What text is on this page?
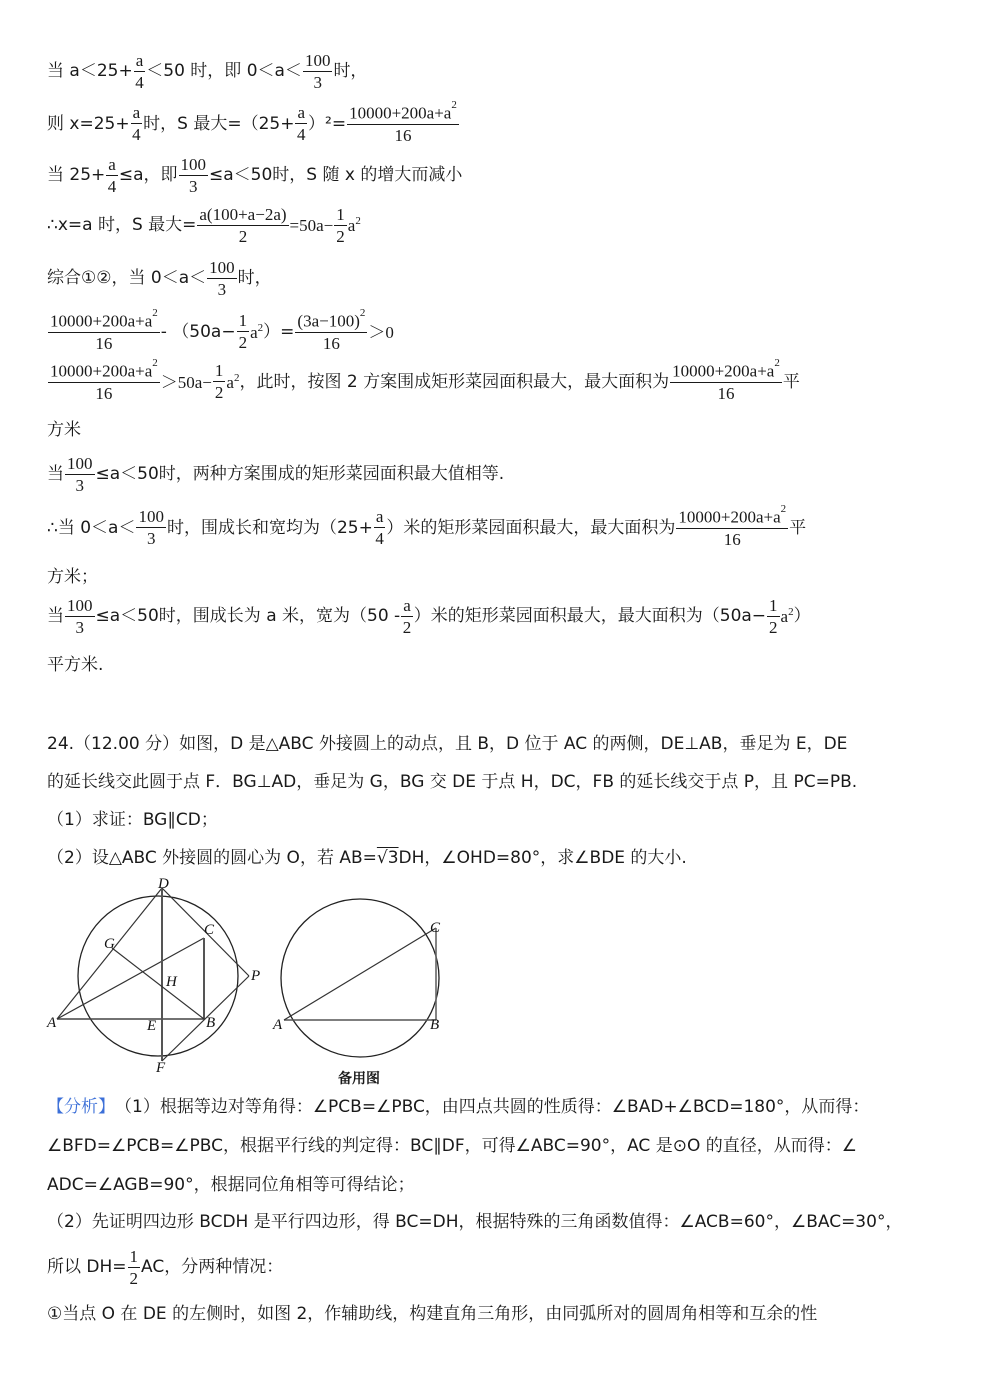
当 $a<25+ \frac{a}{4} <50$ 时，即 $0<a< \frac{100}{3}$ 时，
则 $x=25+ \frac{a}{4}$ 时，S 最大$=(25+ \frac{a}{4} )^2= \frac{10000+200a+a^2}{16}$
当 $25+ \frac{a}{4} \le a$，即 $\frac{100}{3} \le a<50$时，S 随 x 的增大而减小
∴x=a 时，S 最大= $\frac{a(100+a-2a)}{2} =50a- \frac{1}{2}$ a 2
综合①②，当 $0<a< \frac{100}{3}$ 时，
$\frac{10000+200a+a^2}{16} - (50a- \frac{1}{2}$ a 2 ）= $\frac{(3a-100)^2}{16} >0$
$\frac{10000+200a+a^2}{16} >50a- \frac{1}{2}$ a 2 ，此时，按图 2 方案围成矩形菜园面积最大，最大面积为 $\frac{10000+200a+a^2}{16}$ 平
方米
当 $\frac{100}{3} \le a<50$时，两种方案围成的矩形菜园面积最大值相等.
∴当 $0<a< \frac{100}{3}$ 时，围成长和宽均为（$25+ \frac{a}{4}$ ）米的矩形菜园面积最大，最大面积为 $\frac{10000+200a+a^2}{16}$ 平
方米；
当 $\frac{100}{3} \le a<50$时，围成长为 a 米，宽为（$50 - \frac{a}{2}$ ）米的矩形菜园面积最大，最大面积为（$50a- \frac{1}{2}$ a 2 ）
平方米.
24.（12.00 分）如图，D 是△ABC 外接圆上的动点，且 B，D 位于 AC 的两侧，DE⊥AB，垂足为 E，DE
的延长线交此圆于点 F．BG⊥AD，垂足为 G，BG 交 DE 于点 H，DC，FB 的延长线交于点 P，且 PC=PB.
（1）求证：BG∥CD；
（2）设△ABC 外接圆的圆心为 O，若 AB= √3 DH，∠OHD=80°，求∠BDE 的大小.
D
C
G
H	P
A	E	B
F
C
A	B
备用图
【分析】 （1）根据等边对等角得：∠PCB=∠PBC，由四点共圆的性质得：∠BAD+∠BCD=180°，从而得：
∠BFD=∠PCB=∠PBC，根据平行线的判定得：BC∥DF，可得∠ABC=90°，AC 是⊙O 的直径，从而得：∠
ADC=∠AGB=90°，根据同位角相等可得结论；
（2）先证明四边形 BCDH 是平行四边形，得 BC=DH，根据特殊的三角函数值得：∠ACB=60°，∠BAC=30°，
所以 $DH= \frac{1}{2}$ AC，分两种情况：
①当点 O 在 DE 的左侧时，如图 2，作辅助线，构建直角三角形，由同弧所对的圆周角相等和互余的性
